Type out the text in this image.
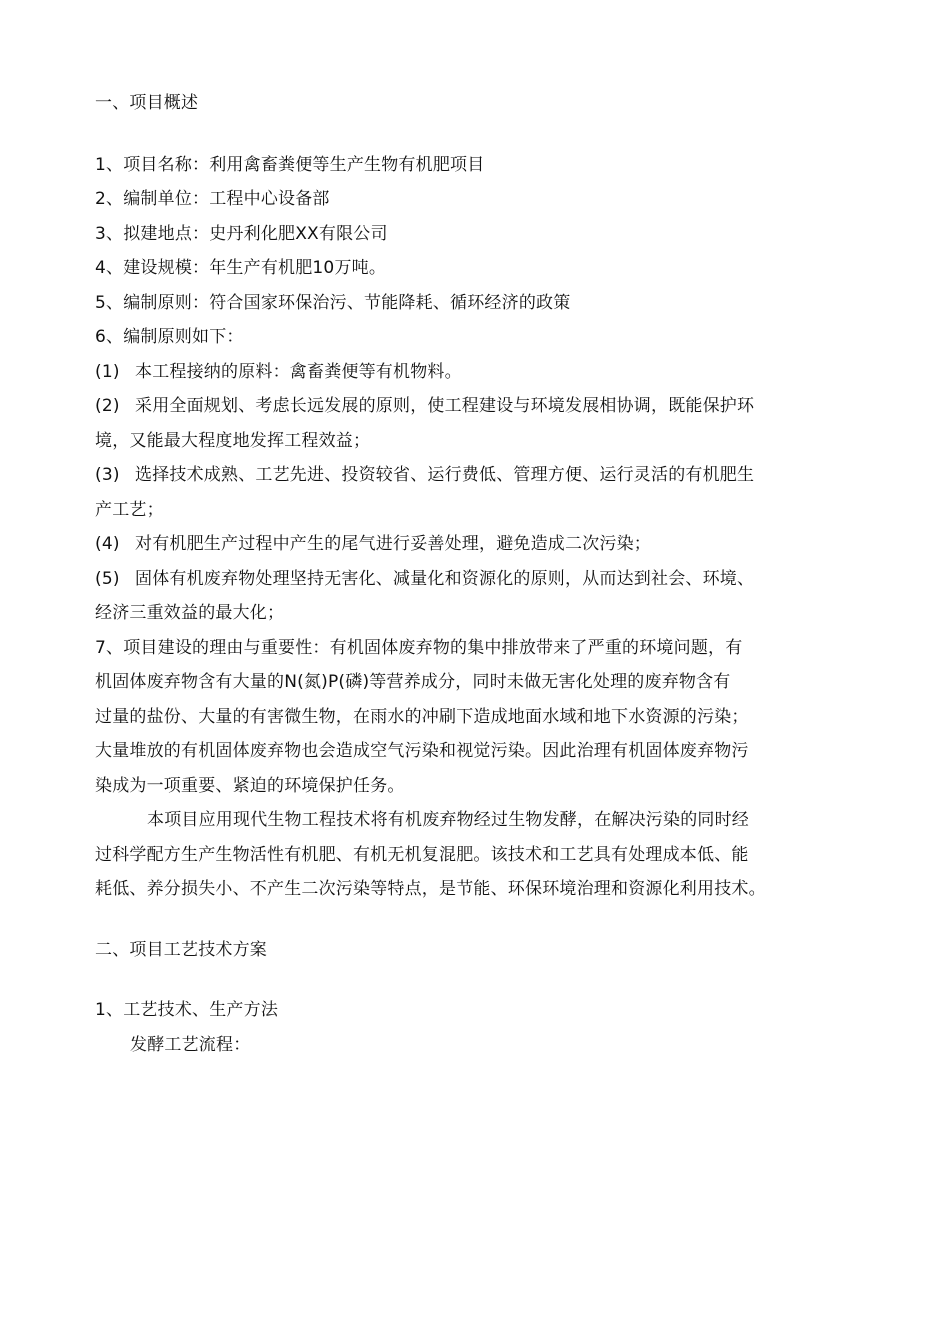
一、项目概述

1、项目名称：利用禽畜粪便等生产生物有机肥项目

2、编制单位：工程中心设备部

3、拟建地点：史丹利化肥XX有限公司

4、建设规模：年生产有机肥10万吨。

5、编制原则：符合国家环保治污、节能降耗、循环经济的政策

6、编制原则如下：

(1) 本工程接纳的原料：禽畜粪便等有机物料。
(2) 采用全面规划、考虑长远发展的原则，使工程建设与环境发展相协调，既能保护环

境，又能最大程度地发挥工程效益；

(3) 选择技术成熟、工艺先进、投资较省、运行费低、管理方便、运行灵活的有机肥生

产工艺；

(4) 对有机肥生产过程中产生的尾气进行妥善处理，避免造成二次污染；
(5) 固体有机废弃物处理坚持无害化、减量化和资源化的原则，从而达到社会、环境、

经济三重效益的最大化；

7、项目建设的理由与重要性：有机固体废弃物的集中排放带来了严重的环境问题，有

机固体废弃物含有大量的N(氮)P(磷)等营养成分，同时未做无害化处理的废弃物含有

过量的盐份、大量的有害微生物，在雨水的冲刷下造成地面水域和地下水资源的污染；

大量堆放的有机固体废弃物也会造成空气污染和视觉污染。因此治理有机固体废弃物污

染成为一项重要、紧迫的环境保护任务。

本项目应用现代生物工程技术将有机废弃物经过生物发酵，在解决污染的同时经

过科学配方生产生物活性有机肥、有机无机复混肥。该技术和工艺具有处理成本低、能

耗低、养分损失小、不产生二次污染等特点，是节能、环保环境治理和资源化利用技术。

二、项目工艺技术方案

1、工艺技术、生产方法

发酵工艺流程：
